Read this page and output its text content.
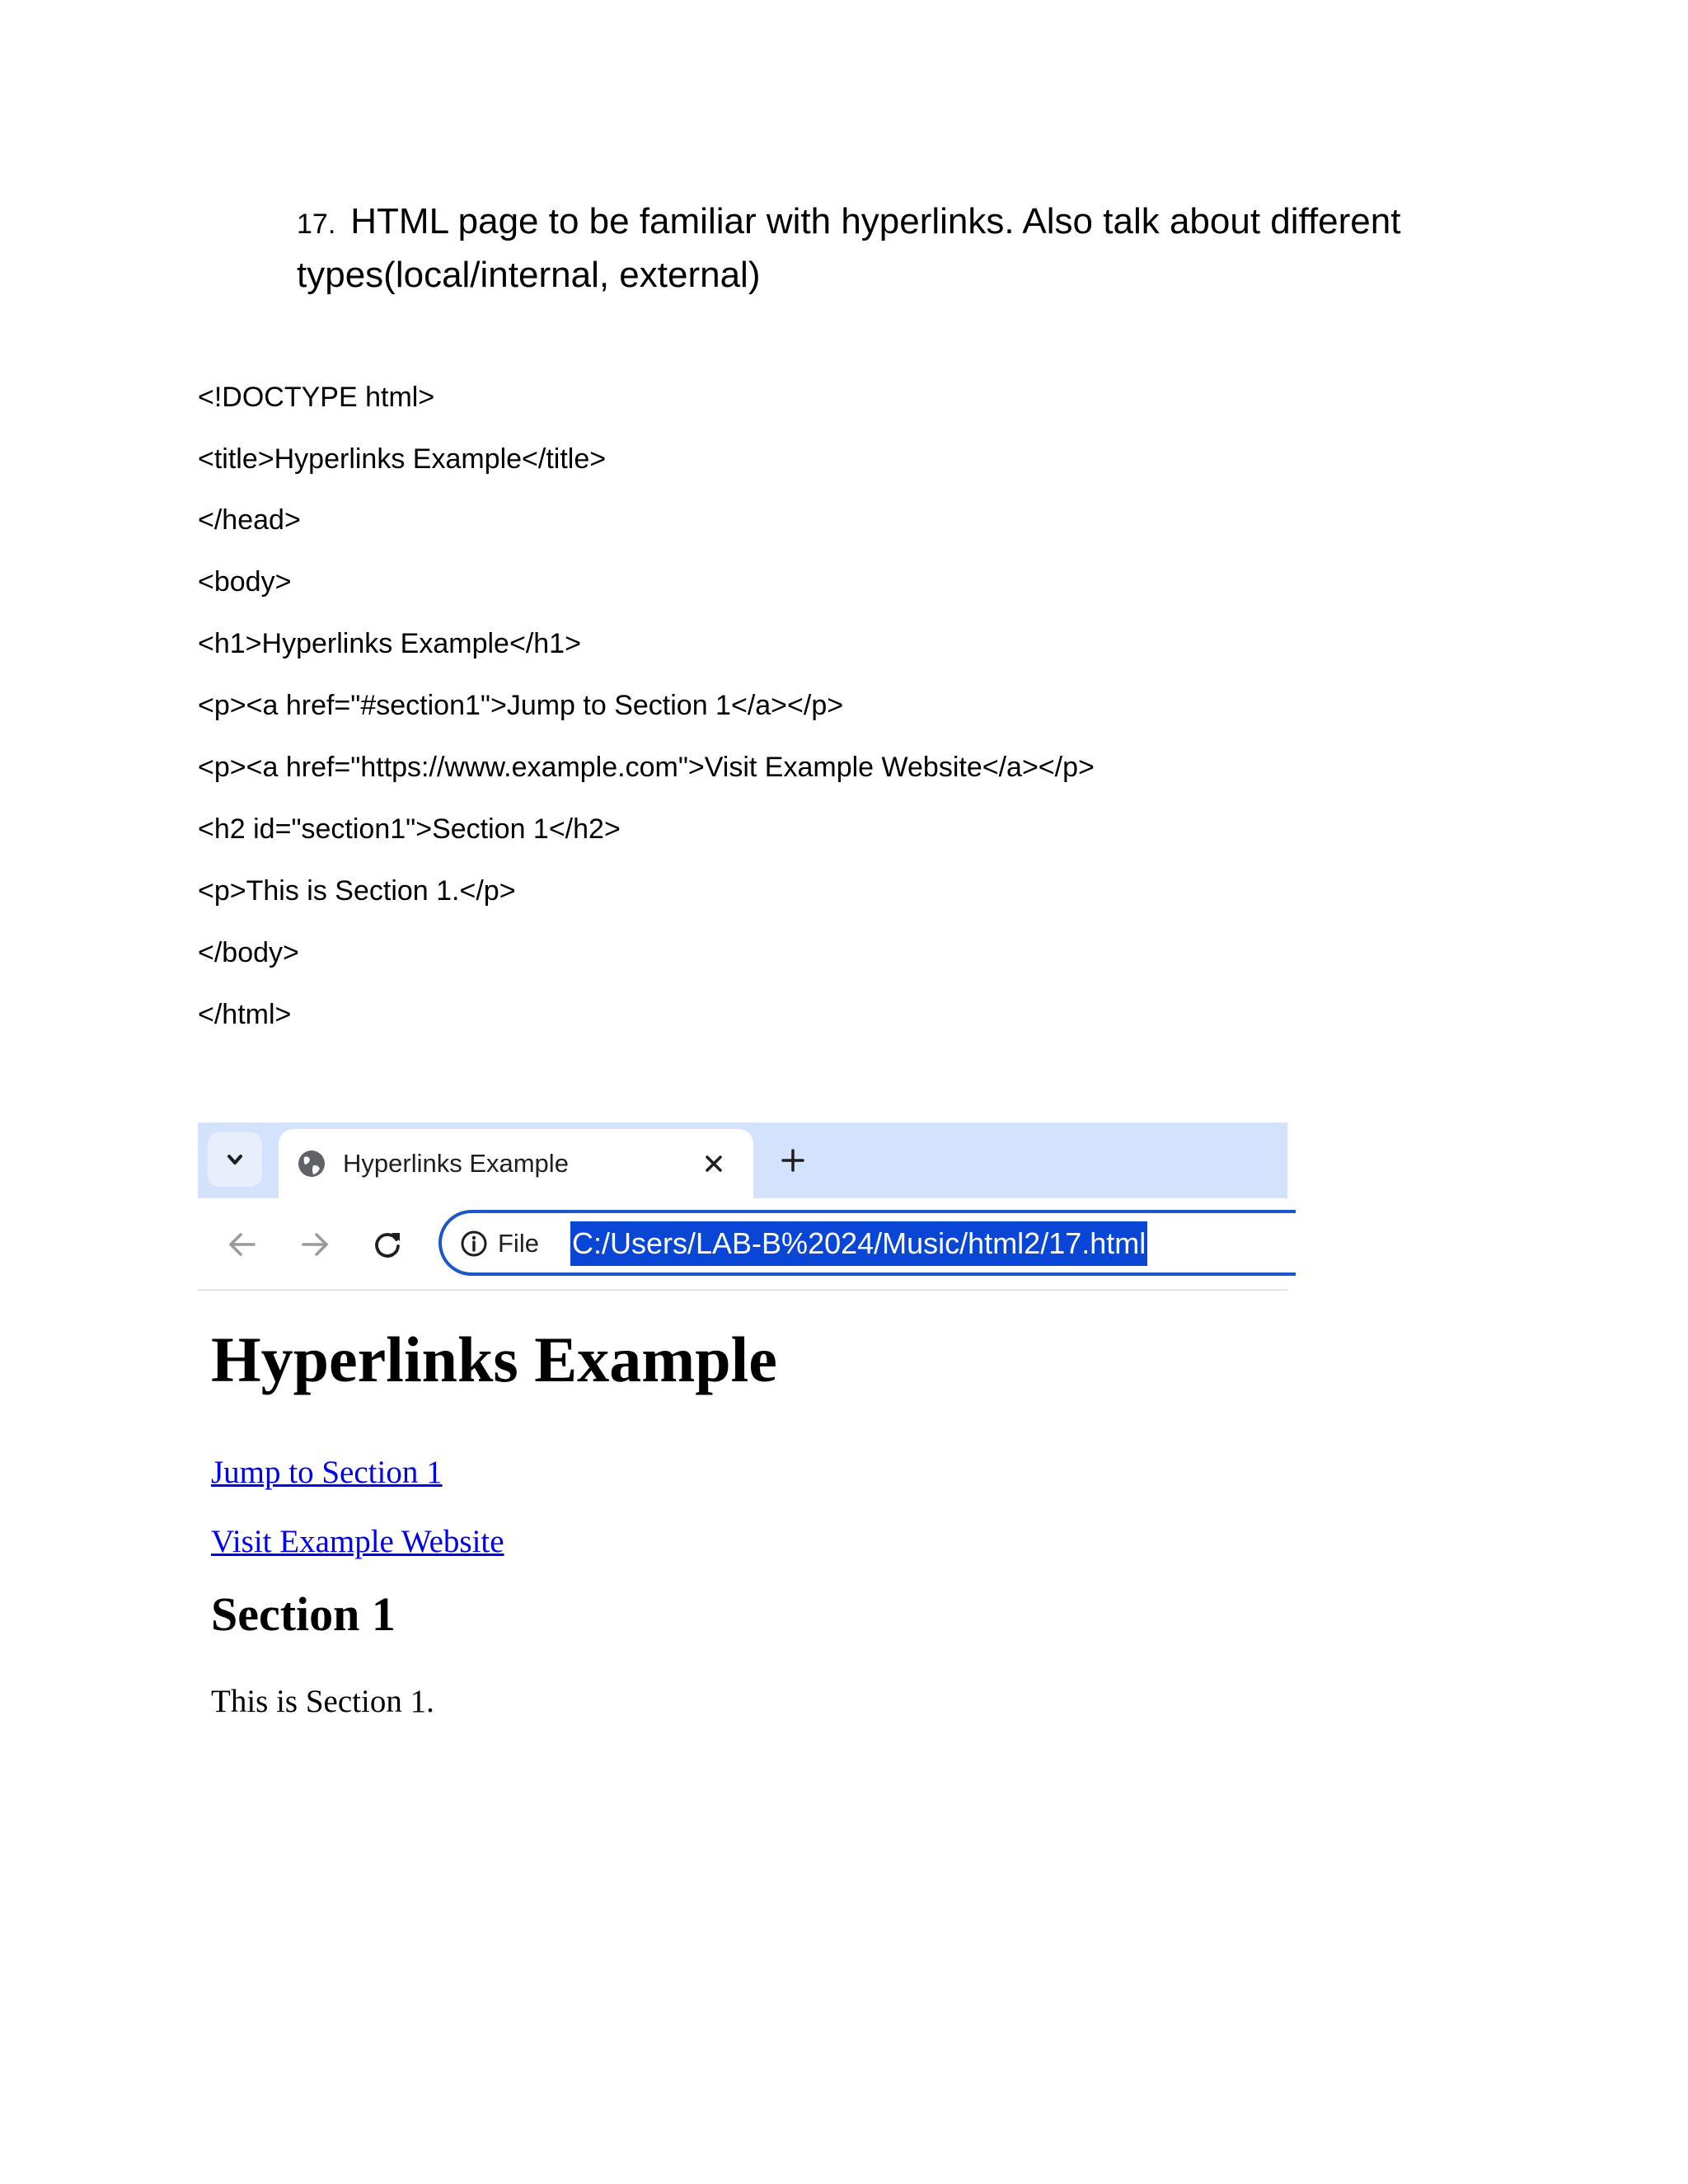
17. HTML page to be familiar with hyperlinks. Also talk about different
types(local/internal, external)
<!DOCTYPE html>
<title>Hyperlinks Example</title>
</head>
<body>
<h1>Hyperlinks Example</h1>
<p><a href="#section1">Jump to Section 1</a></p>
<p><a href="https://www.example.com">Visit Example Website</a></p>
<h2 id="section1">Section 1</h2>
<p>This is Section 1.</p>
</body>
</html>
Hyperlinks Example
File C:/Users/LAB-B%2024/Music/html2/17.html
Hyperlinks Example
Jump to Section 1
Visit Example Website
Section 1
This is Section 1.
